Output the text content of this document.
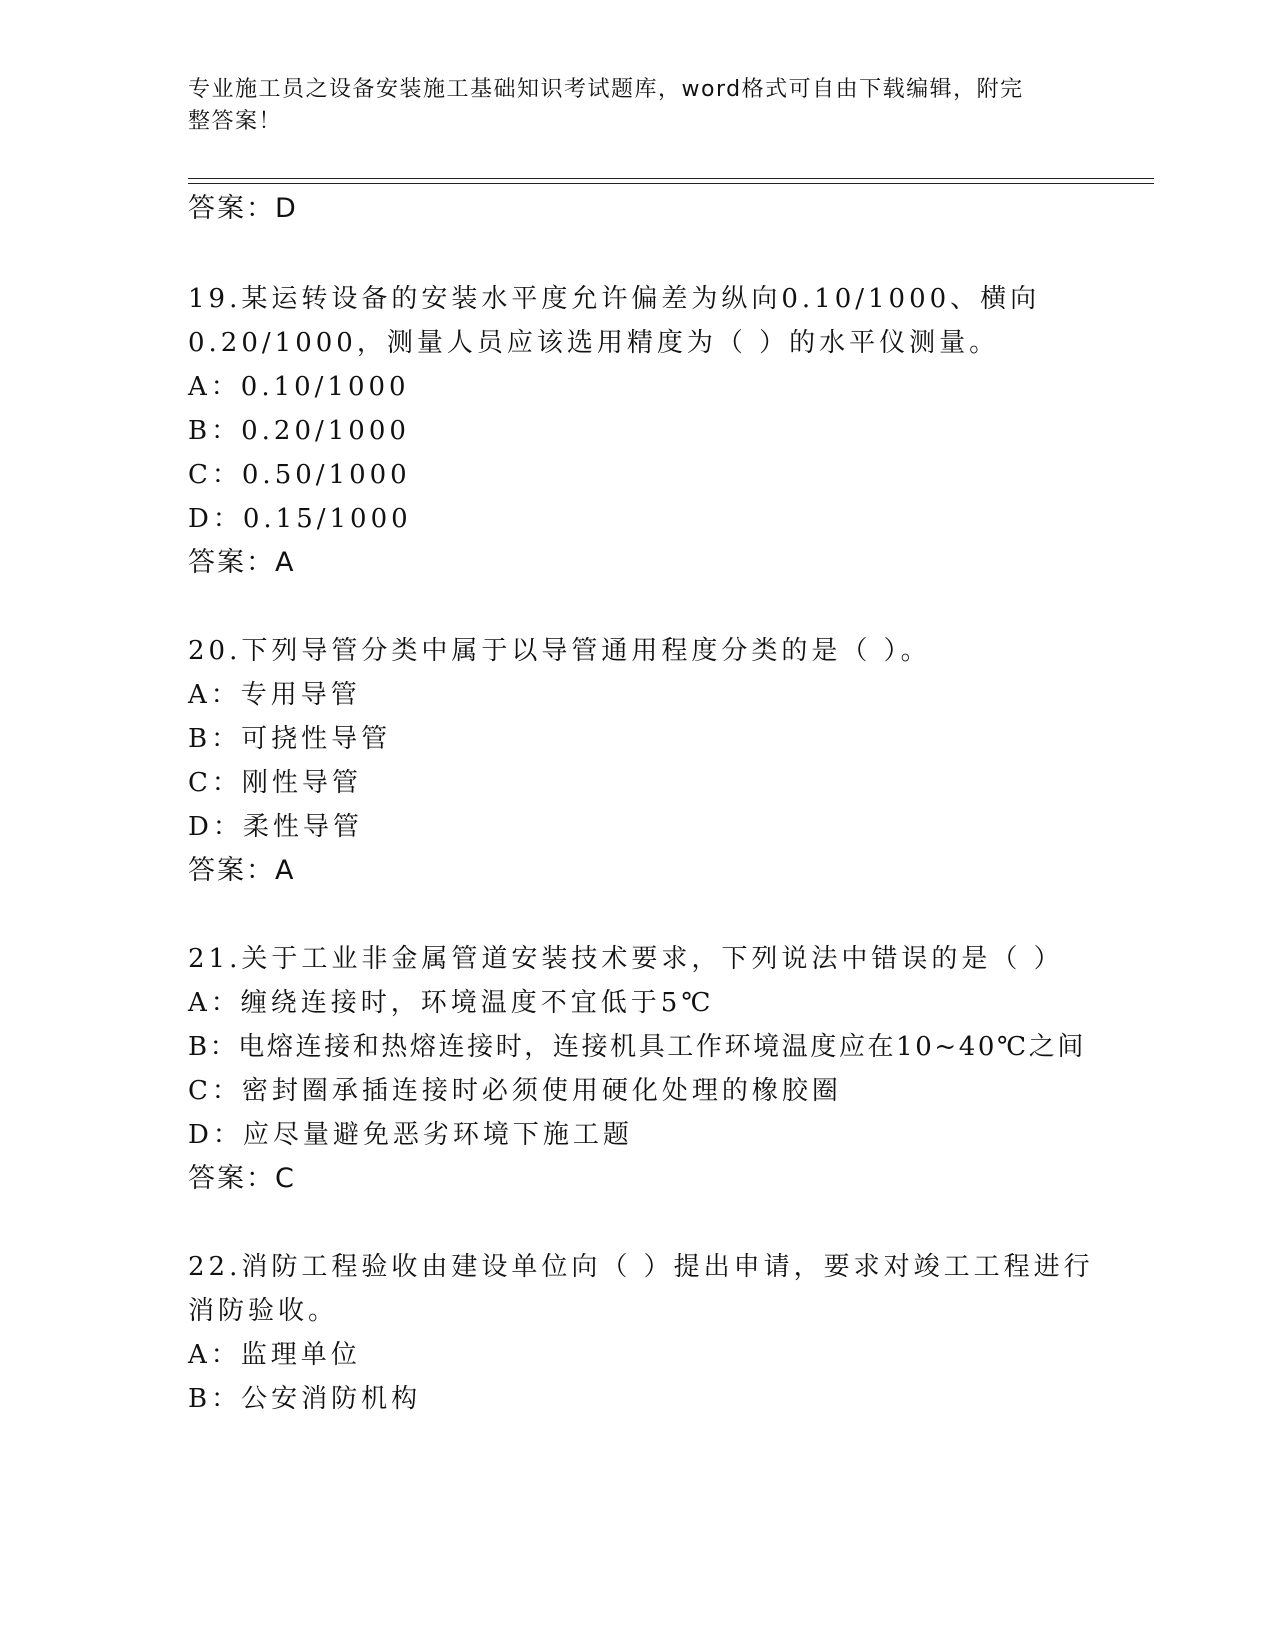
专业施工员之设备安装施工基础知识考试题库，word格式可自由下载编辑，附完
整答案！
答案：D
19.某运转设备的安装水平度允许偏差为纵向0.10/1000、横向
0.20/1000，测量人员应该选用精度为（ ）的水平仪测量。
A：0.10/1000
B：0.20/1000
C：0.50/1000
D：0.15/1000
答案：A
20.下列导管分类中属于以导管通用程度分类的是（ ）。
A：专用导管
B：可挠性导管
C：刚性导管
D：柔性导管
答案：A
21.关于工业非金属管道安装技术要求，下列说法中错误的是（ ）
A：缠绕连接时，环境温度不宜低于5℃
B：电熔连接和热熔连接时，连接机具工作环境温度应在10~40℃之间
C：密封圈承插连接时必须使用硬化处理的橡胶圈
D：应尽量避免恶劣环境下施工题
答案：C
22.消防工程验收由建设单位向（ ）提出申请，要求对竣工工程进行
消防验收。
A：监理单位
B：公安消防机构
